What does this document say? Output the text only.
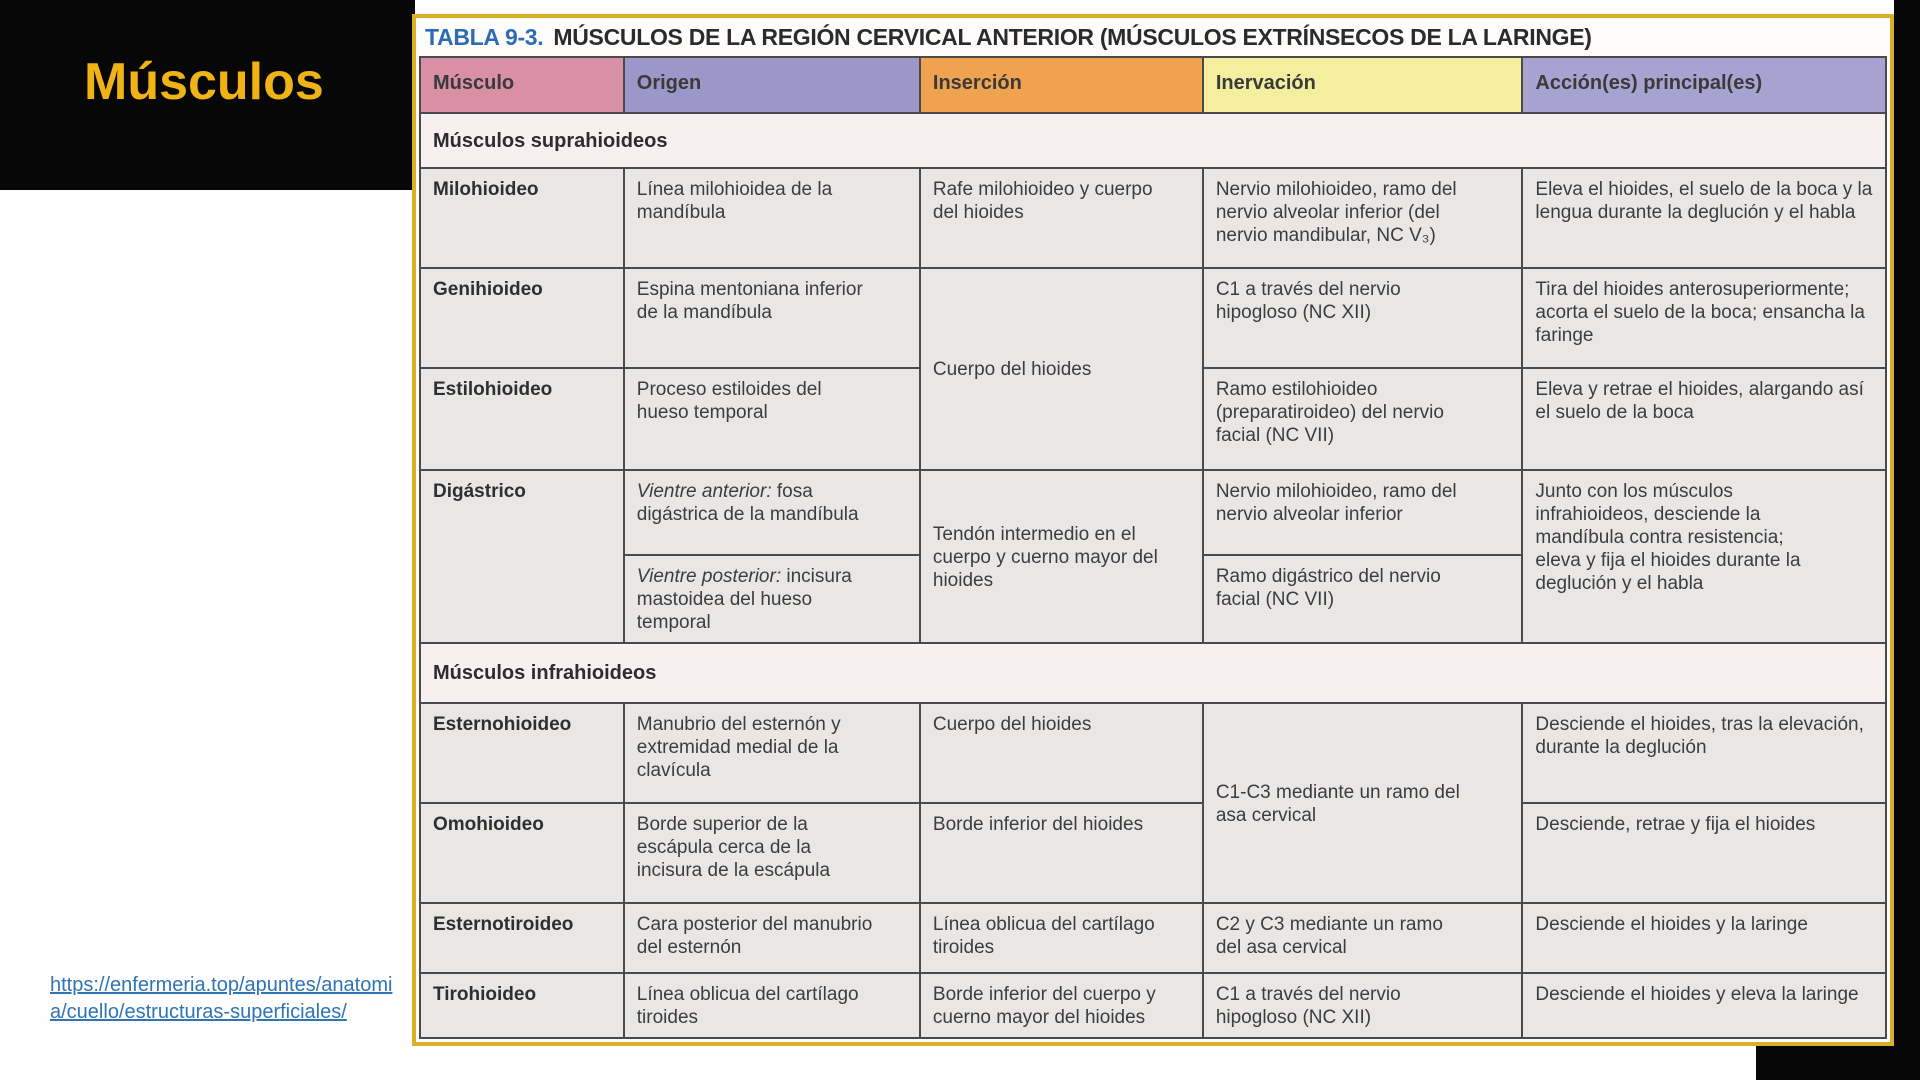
Músculos
https://enfermeria.top/apuntes/anatomi
a/cuello/estructuras-superficiales/
TABLA 9-3. MÚSCULOS DE LA REGIÓN CERVICAL ANTERIOR (MÚSCULOS EXTRÍNSECOS DE LA LARINGE)
Músculo	Origen	Inserción	Inervación	Acción(es) principal(es)
Músculos suprahioideos				
Milohioideo	Línea milohioidea de la mandíbula	Rafe milohioideo y cuerpo del hioides	Nervio milohioideo, ramo del nervio alveolar inferior (del nervio mandibular, NC V₃)	Eleva el hioides, el suelo de la boca y la lengua durante la deglución y el habla
Genihioideo	Espina mentoniana inferior de la mandíbula	Cuerpo del hioides	C1 a través del nervio hipogloso (NC XII)	Tira del hioides anterosuperiormente; acorta el suelo de la boca; ensancha la faringe
Estilohioideo	Proceso estiloides del hueso temporal		Ramo estilohioideo (preparatiroideo) del nervio facial (NC VII)	Eleva y retrae el hioides, alargando así el suelo de la boca
Digástrico	Vientre anterior: fosa digástrica de la mandíbula	Tendón intermedio en el cuerpo y cuerno mayor del hioides	Nervio milohioideo, ramo del nervio alveolar inferior	Junto con los músculos infrahioideos, desciende la mandíbula contra resistencia; eleva y fija el hioides durante la deglución y el habla
	Vientre posterior: incisura mastoidea del hueso temporal		Ramo digástrico del nervio facial (NC VII)	
Músculos infrahioideos				
Esternohioideo	Manubrio del esternón y extremidad medial de la clavícula	Cuerpo del hioides	C1-C3 mediante un ramo del asa cervical	Desciende el hioides, tras la elevación, durante la deglución
Omohioideo	Borde superior de la escápula cerca de la incisura de la escápula	Borde inferior del hioides		Desciende, retrae y fija el hioides
Esternotiroideo	Cara posterior del manubrio del esternón	Línea oblicua del cartílago tiroides	C2 y C3 mediante un ramo del asa cervical	Desciende el hioides y la laringe
Tirohioideo	Línea oblicua del cartílago tiroides	Borde inferior del cuerpo y cuerno mayor del hioides	C1 a través del nervio hipogloso (NC XII)	Desciende el hioides y eleva la laringe
